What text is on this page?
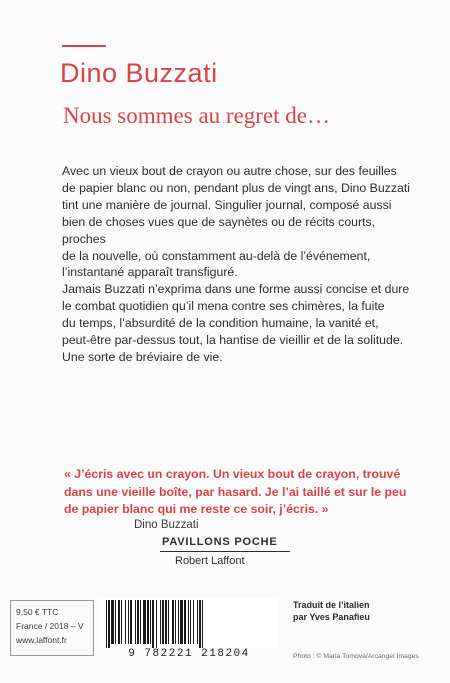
Dino Buzzati
Nous sommes au regret de…

Avec un vieux bout de crayon ou autre chose, sur des feuilles

de papier blanc ou non, pendant plus de vingt ans, Dino Buzzati

tint une manière de journal. Singulier journal, composé aussi

bien de choses vues que de saynètes ou de récits courts, proches

de la nouvelle, où constamment au-delà de l’événement,

l’instantané apparaît transfiguré.

Jamais Buzzati n’exprima dans une forme aussi concise et dure

le combat quotidien qu’il mena contre ses chimères, la fuite

du temps, l’absurdité de la condition humaine, la vanité et,

peut-être par-dessus tout, la hantise de vieillir et de la solitude.

Une sorte de bréviaire de vie.

« J’écris avec un crayon. Un vieux bout de crayon, trouvé
dans une vieille boîte, par hasard. Je l’ai taillé et sur le peu
de papier blanc qui me reste ce soir, j’écris. »
Dino Buzzati
PAVILLONS POCHE
Robert Laffont
9,50 € TTC
France / 2018 – V
www.laffont.fr
9 782221 218204
Traduit de l’italien
par Yves Panafieu
Photo : © Maria Tomova/Arcangel Images
